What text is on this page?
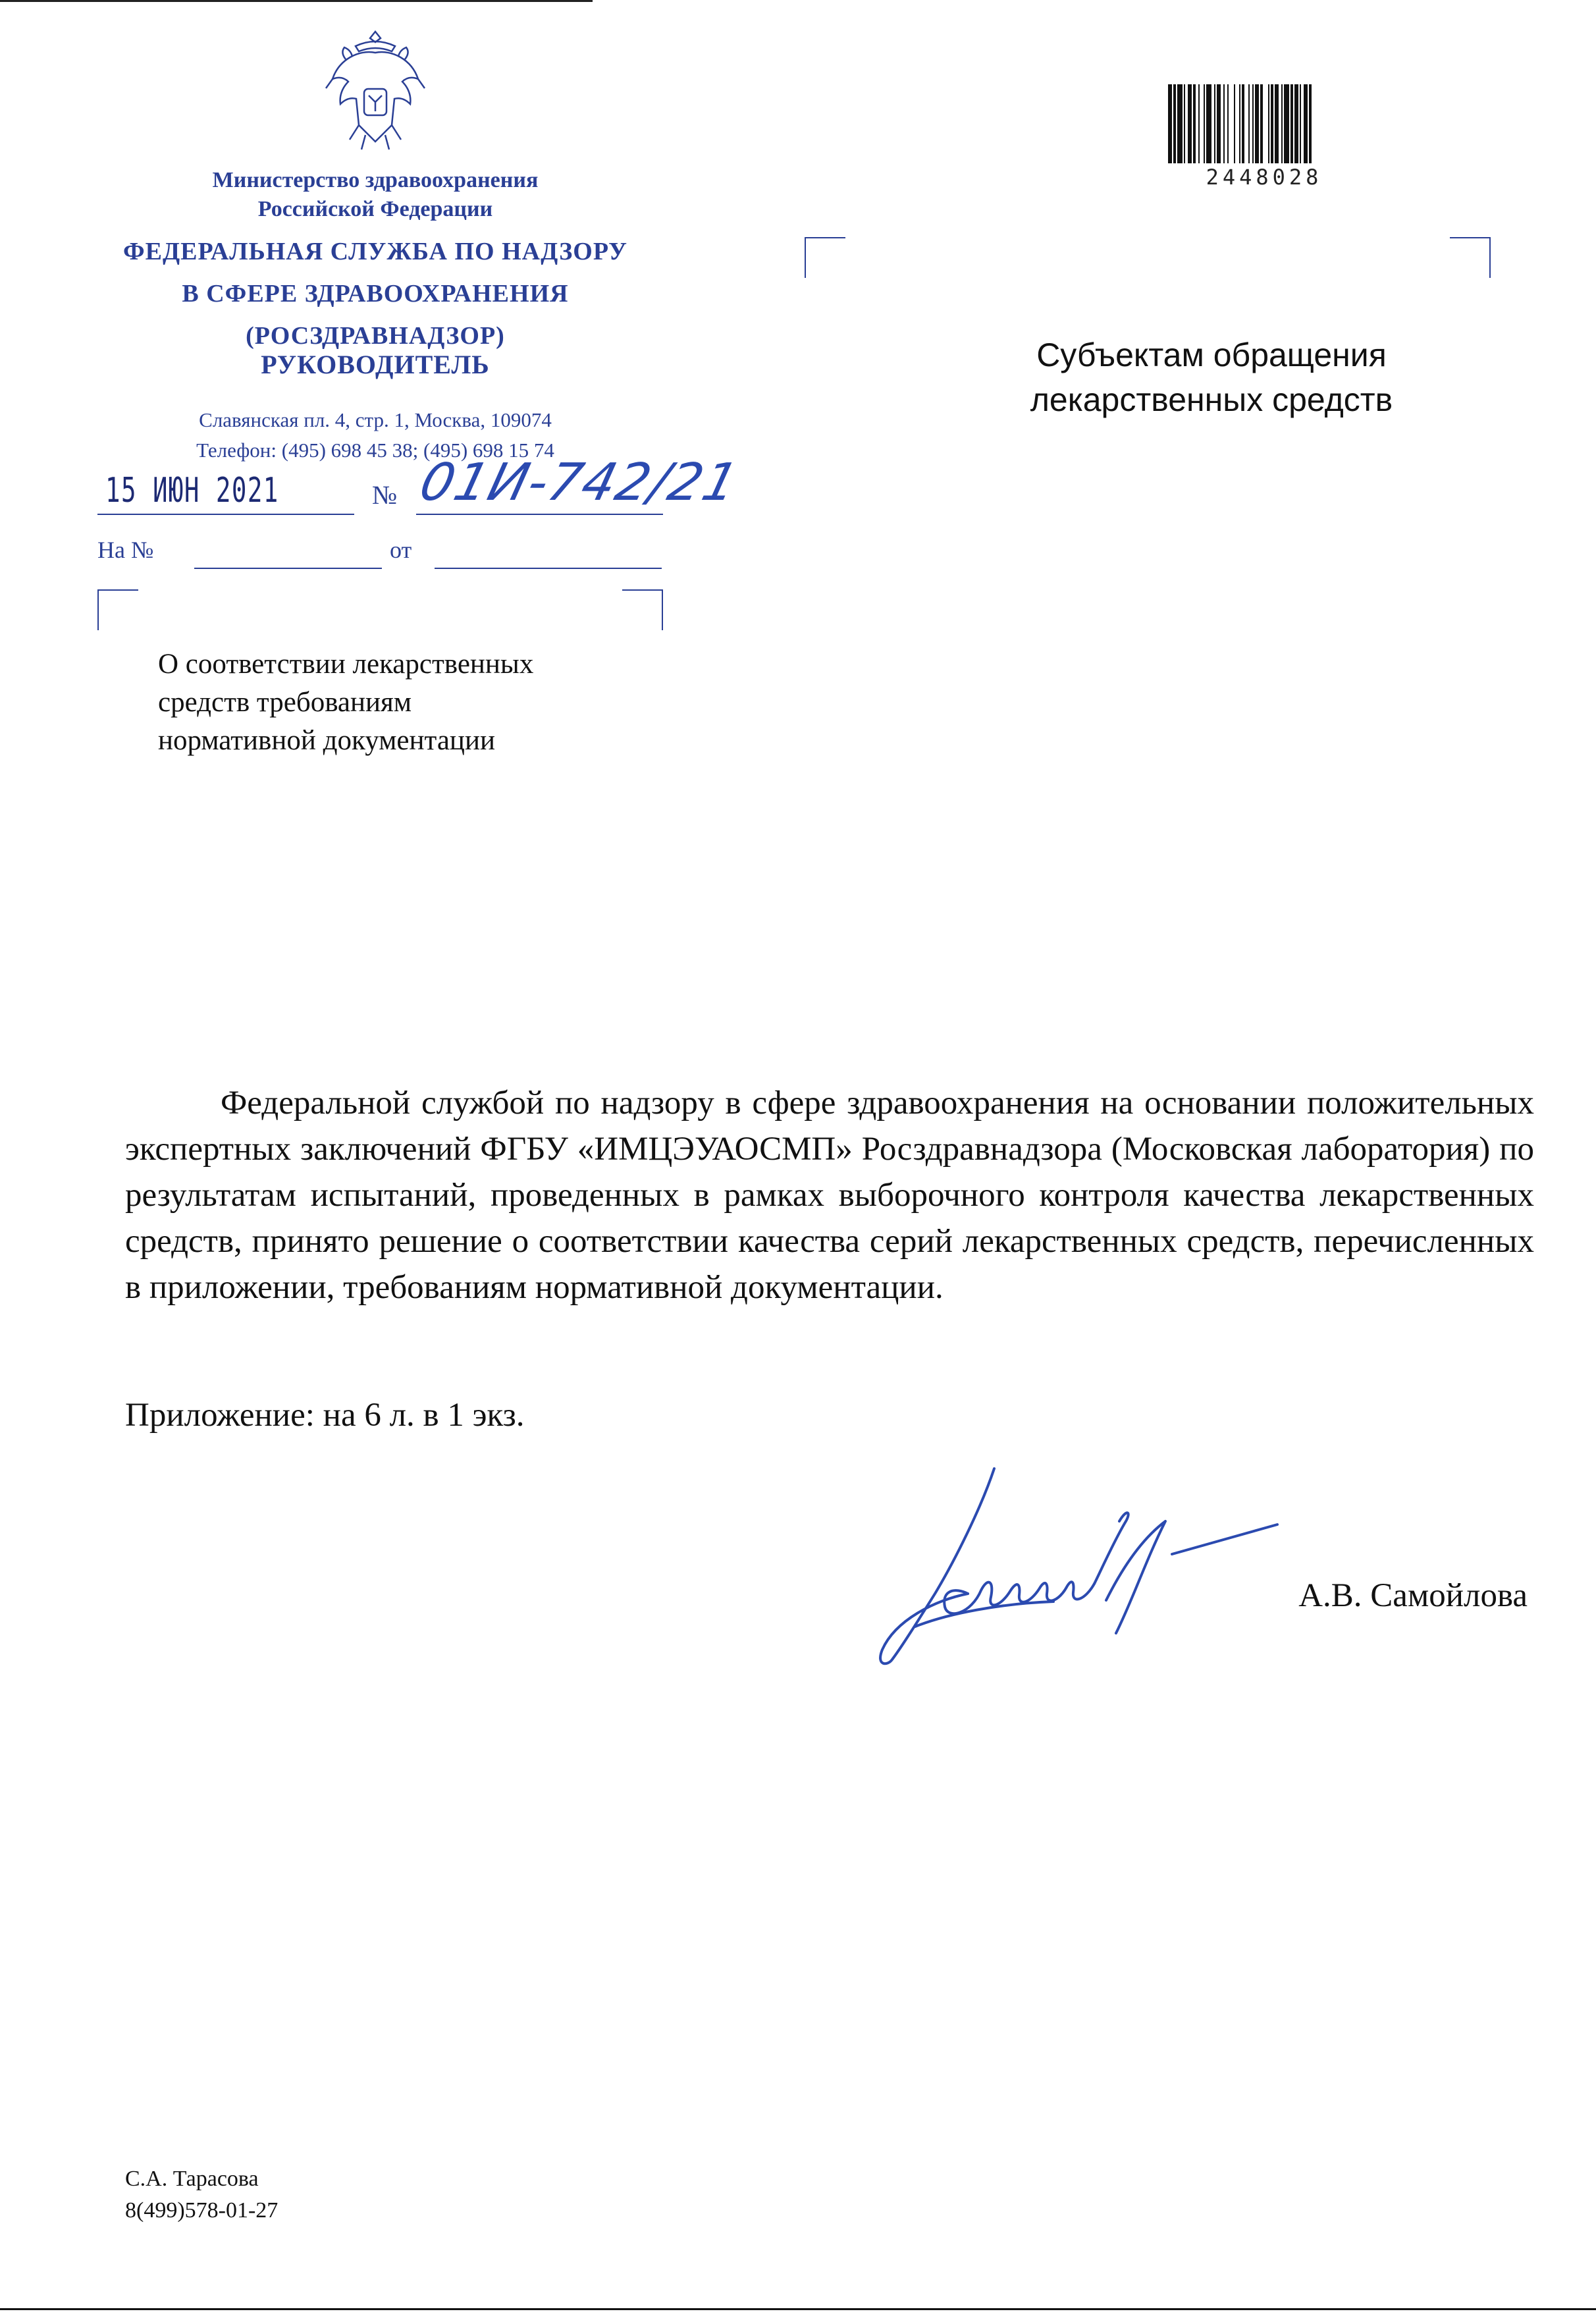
Министерство здравоохранения
Российской Федерации
ФЕДЕРАЛЬНАЯ СЛУЖБА ПО НАДЗОРУ
В СФЕРЕ ЗДРАВООХРАНЕНИЯ
(РОСЗДРАВНАДЗОР)
РУКОВОДИТЕЛЬ
Славянская пл. 4, стр. 1, Москва, 109074
Телефон: (495) 698 45 38; (495) 698 15 74
15 ИЮН 2021	№ 01И-742/21
На №	от
О соответствии лекарственных
средств требованиям
нормативной документации
2448028
Субъектам обращения
лекарственных средств
Федеральной службой по надзору в сфере здравоохранения на основании положительных экспертных заключений ФГБУ «ИМЦЭУАОСМП» Росздравнадзора (Московская лаборатория) по результатам испытаний, проведенных в рамках выборочного контроля качества лекарственных средств, принято решение о соответствии качества серий лекарственных средств, перечисленных в приложении, требованиям нормативной документации.
Приложение: на 6 л. в 1 экз.
А.В. Самойлова
С.А. Тарасова
8(499)578-01-27
